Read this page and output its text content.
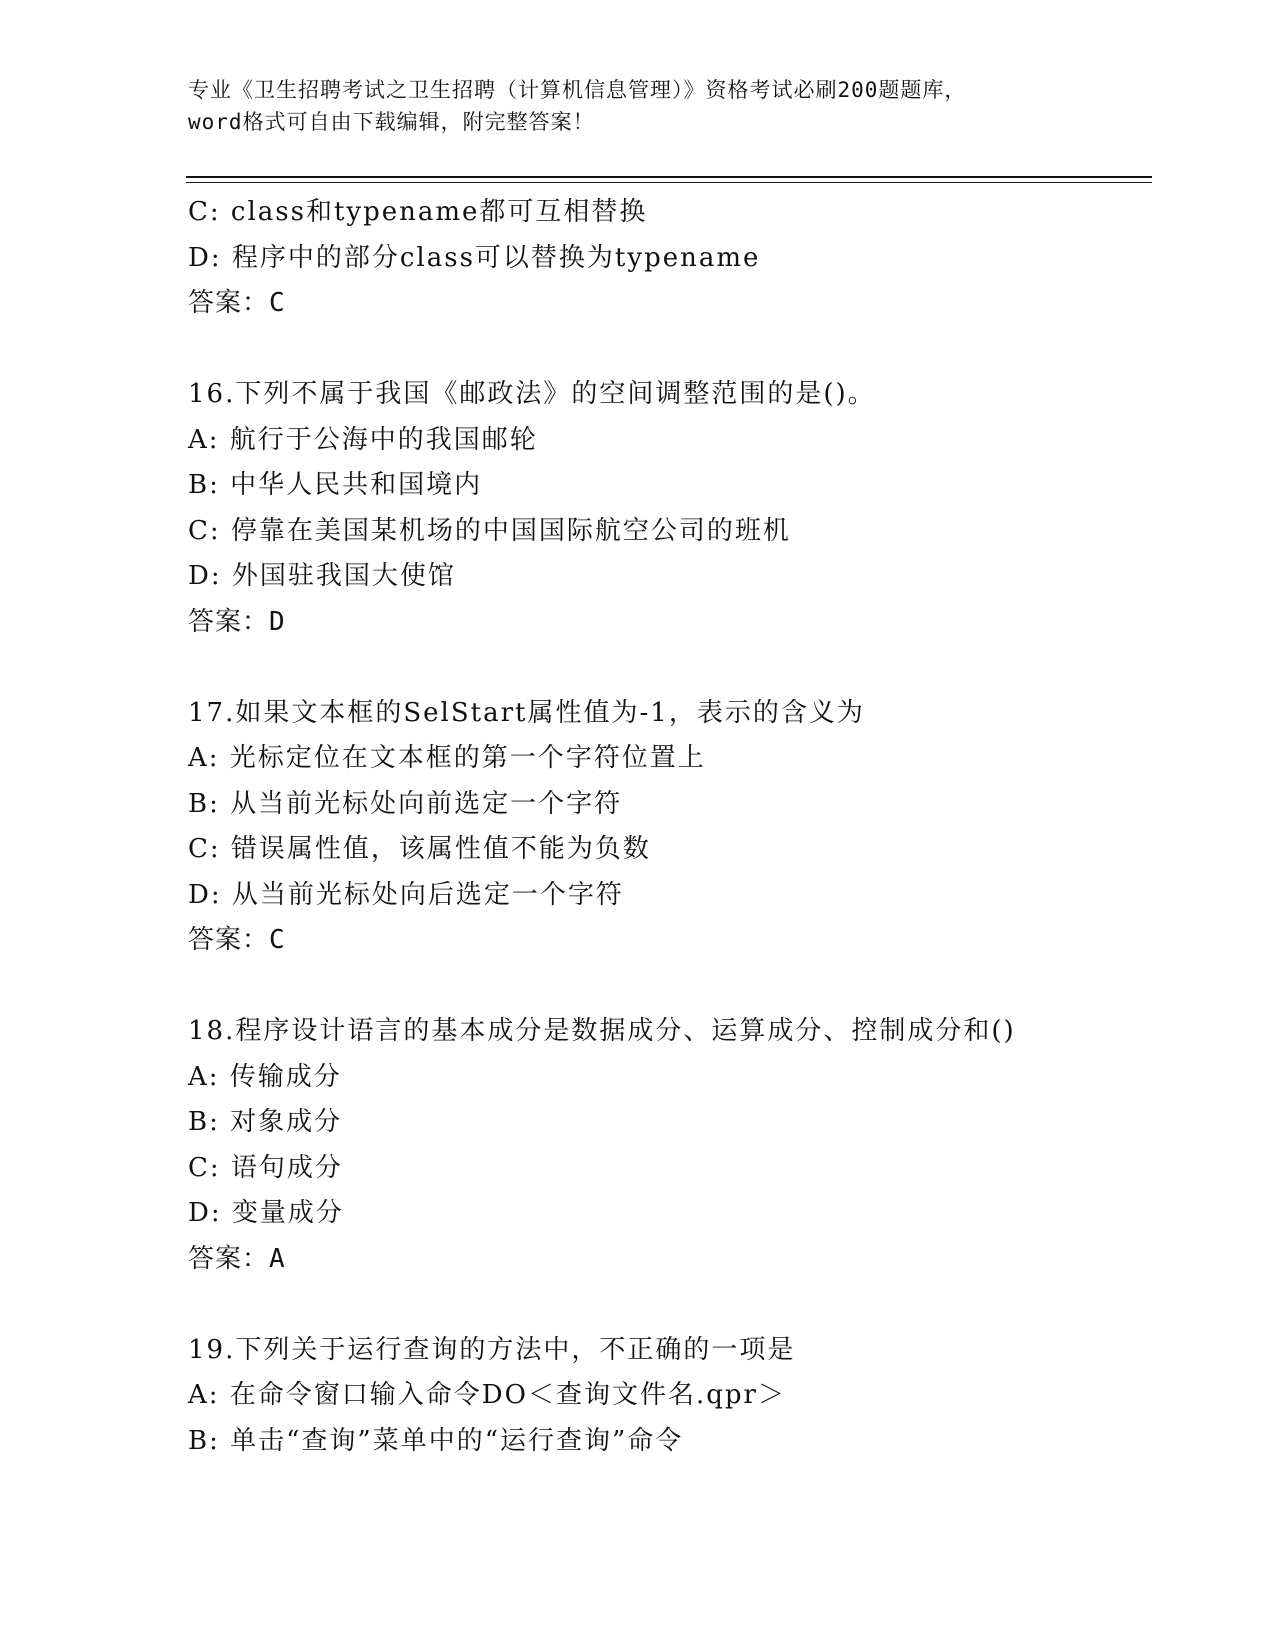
专业《卫生招聘考试之卫生招聘（计算机信息管理）》资格考试必刷200题题库，
word格式可自由下载编辑，附完整答案！
C: class和typename都可互相替换
D: 程序中的部分class可以替换为typename
答案：C
16.下列不属于我国《邮政法》的空间调整范围的是()。
A: 航行于公海中的我国邮轮
B: 中华人民共和国境内
C: 停靠在美国某机场的中国国际航空公司的班机
D: 外国驻我国大使馆
答案：D
17.如果文本框的SelStart属性值为-1，表示的含义为
A: 光标定位在文本框的第一个字符位置上
B: 从当前光标处向前选定一个字符
C: 错误属性值，该属性值不能为负数
D: 从当前光标处向后选定一个字符
答案：C
18.程序设计语言的基本成分是数据成分、运算成分、控制成分和()
A: 传输成分
B: 对象成分
C: 语句成分
D: 变量成分
答案：A
19.下列关于运行查询的方法中，不正确的一项是
A: 在命令窗口输入命令DO＜查询文件名.qpr＞
B: 单击“查询”菜单中的“运行查询”命令
